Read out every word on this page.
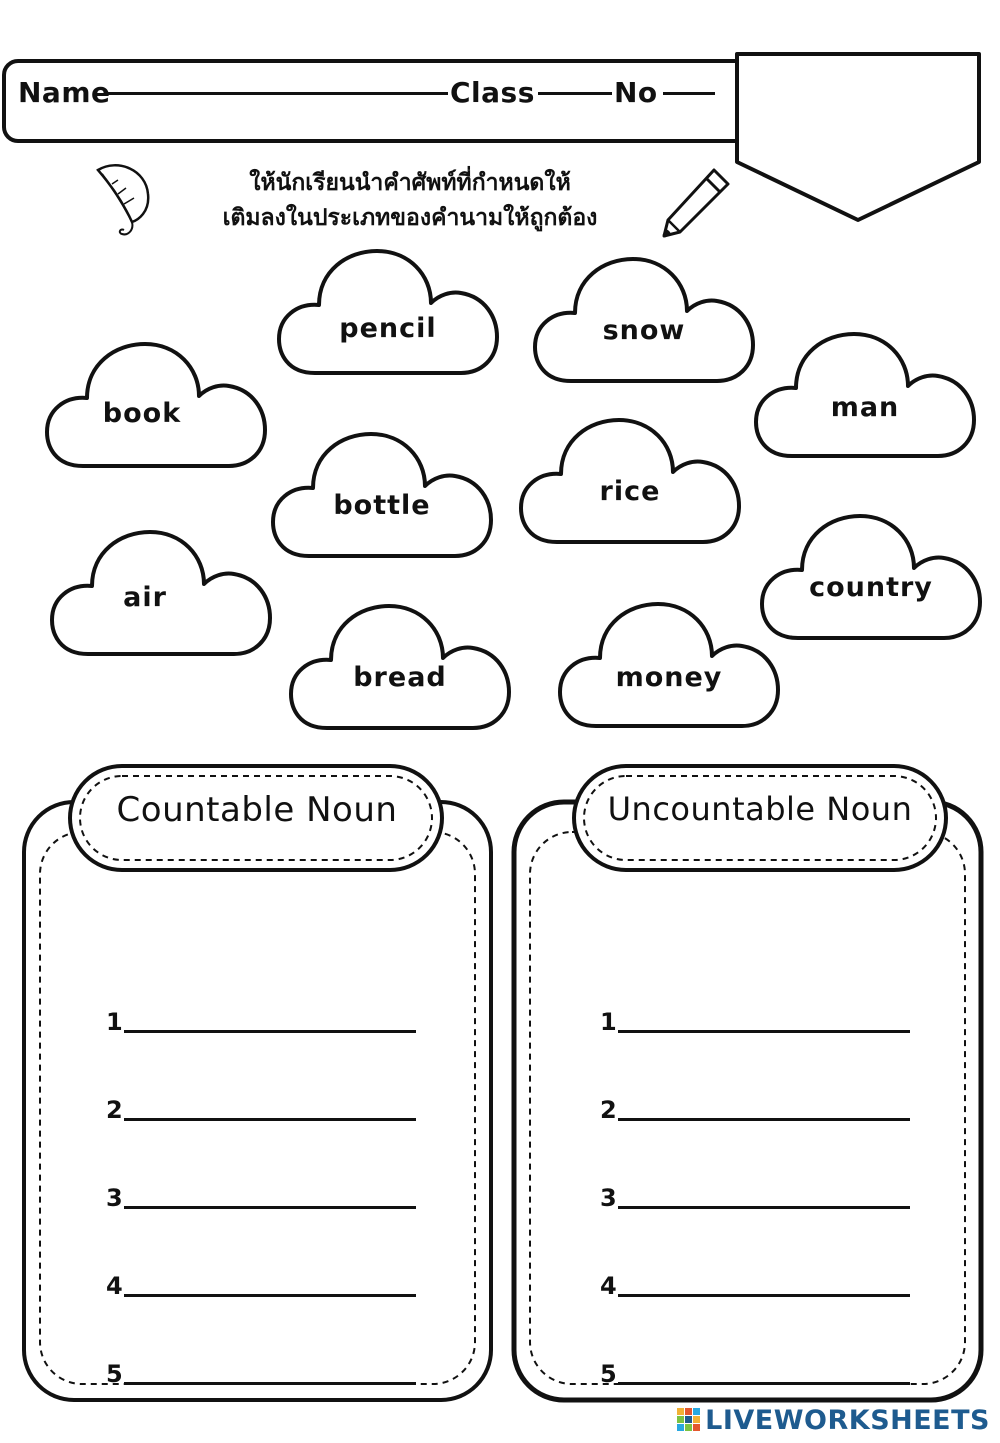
Name	Class	No
ให้นักเรียนนำคำศัพท์ที่กำหนดให้
เติมลงในประเภทของคำนามให้ถูกต้อง
pencil	snow
book	man
bottle	rice
air	country
bread	money
Countable Noun
1
2
3
4
5
Uncountable Noun
1
2
3
4
5
LIVEWORKSHEETS
